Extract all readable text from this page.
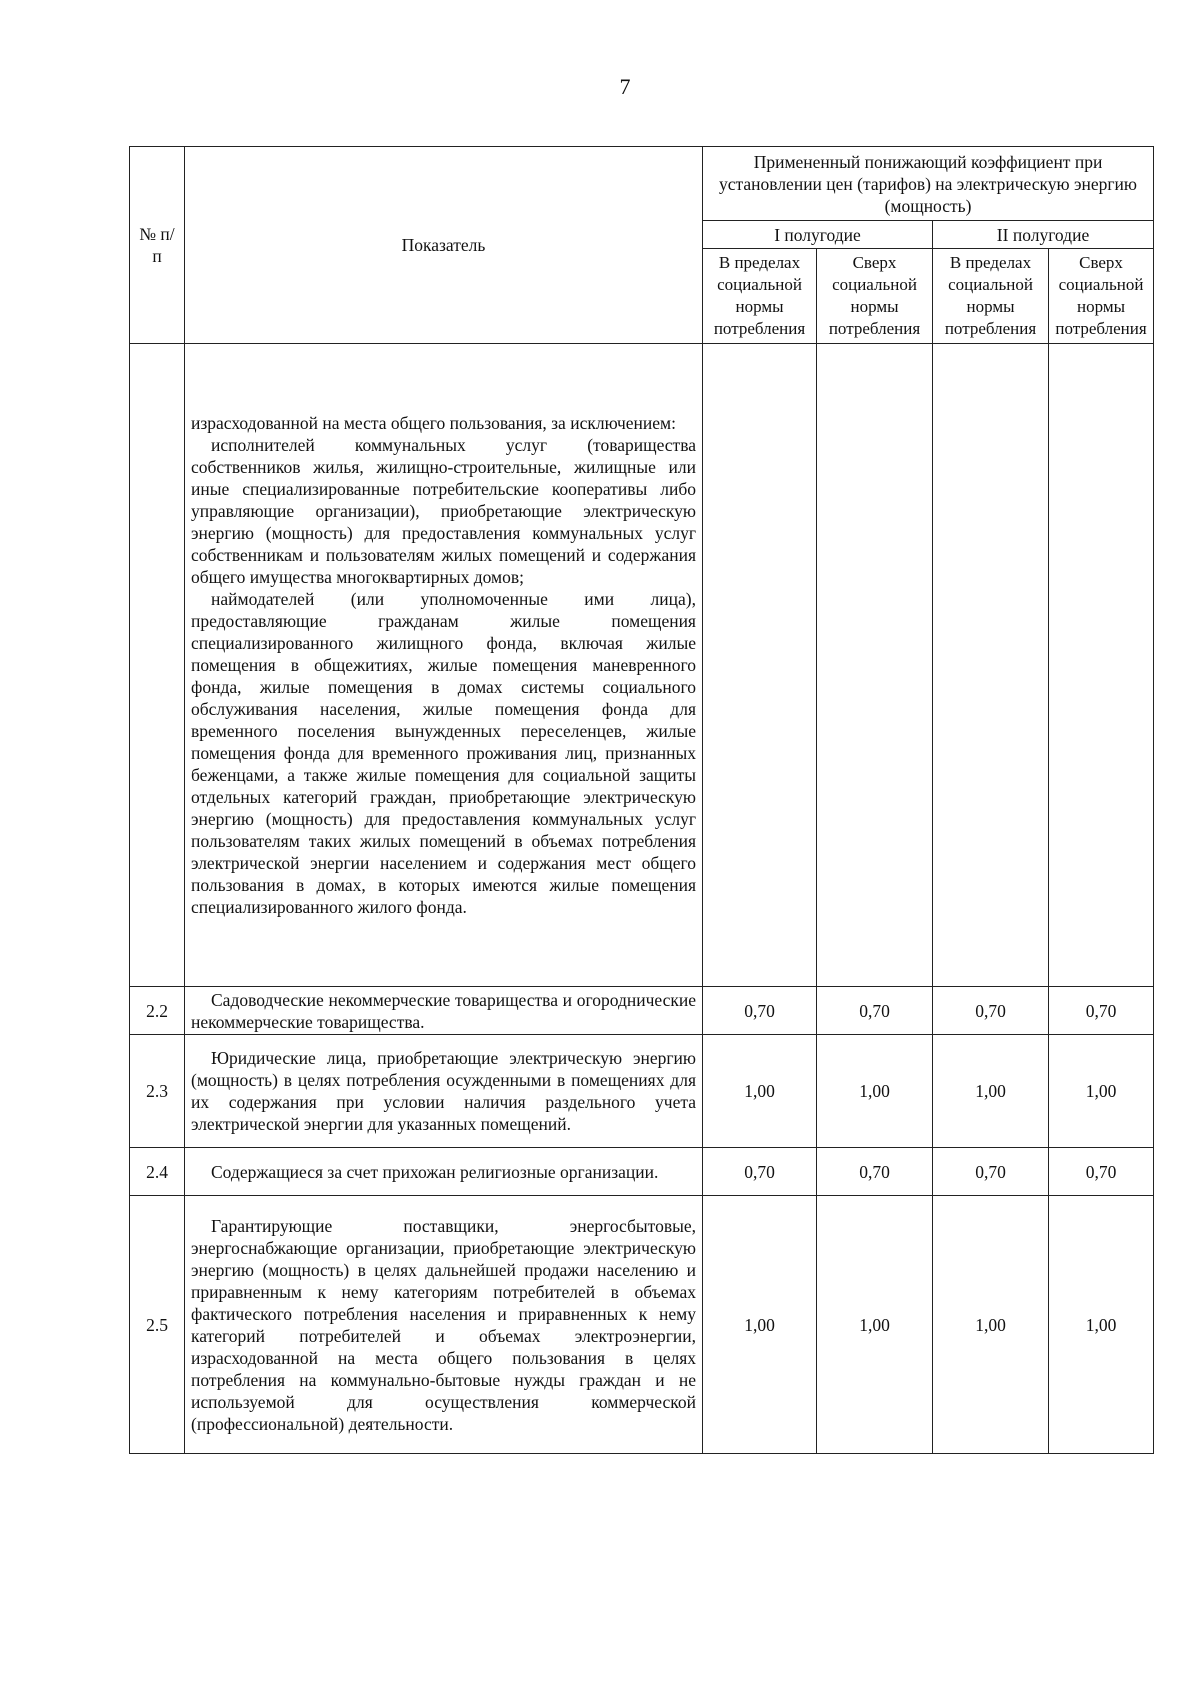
7
№ п/п	Показатель	Примененный понижающий коэффициент при установлении цен (тарифов) на электрическую энергию (мощность)			
		I полугодие		II полугодие	
		В пределах социальной нормы потребления	Сверх социальной нормы потребления	В пределах социальной нормы потребления	Сверх социальной нормы потребления

	израсходованной на места общего пользования, за исключением:
исполнителей коммунальных услуг (товарищества собственников жилья, жилищно-строительные, жилищные или иные специализированные потребительские кооперативы либо управляющие организации), приобретающие электрическую энергию (мощность) для предоставления коммунальных услуг собственникам и пользователям жилых помещений и содержания общего имущества многоквартирных домов;
наймодателей (или уполномоченные ими лица), предоставляющие гражданам жилые помещения специализированного жилищного фонда, включая жилые помещения в общежитиях, жилые помещения маневренного фонда, жилые помещения в домах системы социального обслуживания населения, жилые помещения фонда для временного поселения вынужденных переселенцев, жилые помещения фонда для временного проживания лиц, признанных беженцами, а также жилые помещения для социальной защиты отдельных категорий граждан, приобретающие электрическую энергию (мощность) для предоставления коммунальных услуг пользователям таких жилых помещений в объемах потребления электрической энергии населением и содержания мест общего пользования в домах, в которых имеются жилые помещения специализированного жилого фонда.				

2.2	Садоводческие некоммерческие товарищества и огороднические некоммерческие товарищества.	0,70	0,70	0,70	0,70
2.3	Юридические лица, приобретающие электрическую энергию (мощность) в целях потребления осужденными в помещениях для их содержания при условии наличия раздельного учета электрической энергии для указанных помещений.	1,00	1,00	1,00	1,00
2.4	Содержащиеся за счет прихожан религиозные организации.	0,70	0,70	0,70	0,70
2.5	Гарантирующие поставщики, энергосбытовые, энергоснабжающие организации, приобретающие электрическую энергию (мощность) в целях дальнейшей продажи населению и приравненным к нему категориям потребителей в объемах фактического потребления населения и приравненных к нему категорий потребителей и объемах электроэнергии, израсходованной на места общего пользования в целях потребления на коммунально-бытовые нужды граждан и не используемой для осуществления коммерческой (профессиональной) деятельности.	1,00	1,00	1,00	1,00
